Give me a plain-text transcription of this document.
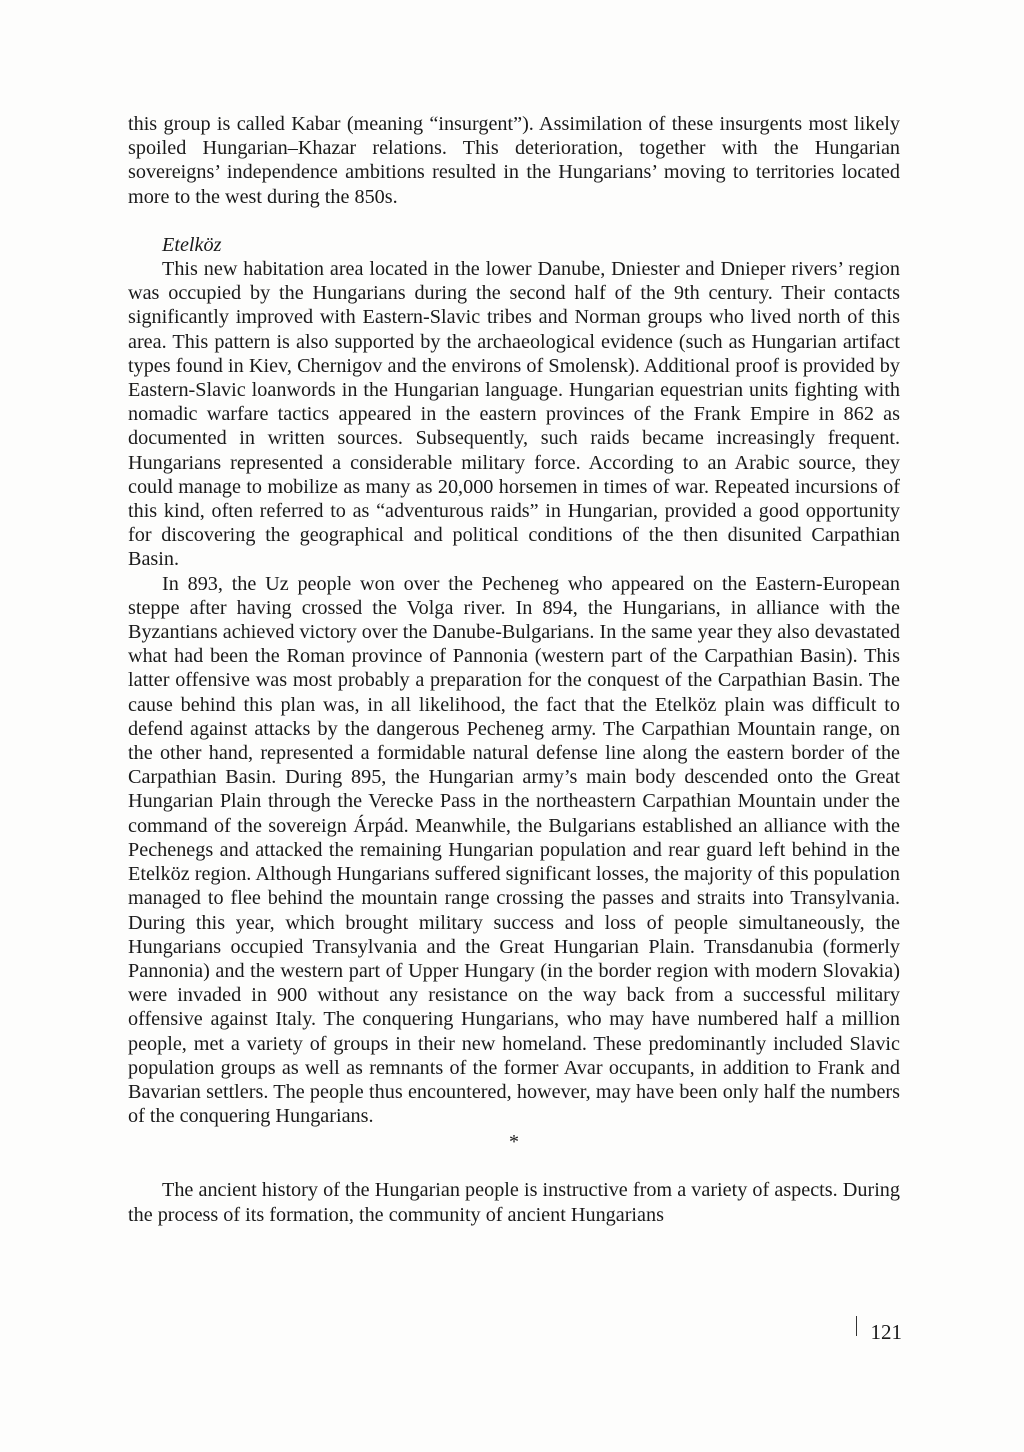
this group is called Kabar (meaning “insurgent”). Assimilation of these insurgents most likely spoiled Hungarian–Khazar relations. This deterioration, together with the Hungarian sovereigns’ independence ambitions resulted in the Hungarians’ moving to territories located more to the west during the 850s.

Etelköz

This new habitation area located in the lower Danube, Dniester and Dnieper rivers’ region was occupied by the Hungarians during the second half of the 9th century. Their contacts significantly improved with Eastern-Slavic tribes and Norman groups who lived north of this area. This pattern is also supported by the archaeological evidence (such as Hungarian artifact types found in Kiev, Chernigov and the environs of Smolensk). Additional proof is provided by Eastern-Slavic loanwords in the Hungarian language. Hungarian equestrian units fighting with nomadic warfare tactics appeared in the eastern provinces of the Frank Empire in 862 as documented in written sources. Subsequently, such raids became increasingly frequent. Hungarians represented a considerable military force. According to an Arabic source, they could manage to mobilize as many as 20,000 horsemen in times of war. Repeated incursions of this kind, often referred to as “adventurous raids” in Hungarian, provided a good opportunity for discovering the geographical and political conditions of the then disunited Carpathian Basin.

In 893, the Uz people won over the Pecheneg who appeared on the Eastern-European steppe after having crossed the Volga river. In 894, the Hungarians, in alliance with the Byzantians achieved victory over the Danube-Bulgarians. In the same year they also devastated what had been the Roman province of Pannonia (western part of the Carpathian Basin). This latter offensive was most probably a preparation for the conquest of the Carpathian Basin. The cause behind this plan was, in all likelihood, the fact that the Etelköz plain was difficult to defend against attacks by the dangerous Pecheneg army. The Carpathian Mountain range, on the other hand, represented a formidable natural defense line along the eastern border of the Carpathian Basin. During 895, the Hungarian army’s main body descended onto the Great Hungarian Plain through the Verecke Pass in the northeastern Carpathian Mountain under the command of the sovereign Árpád. Meanwhile, the Bulgarians established an alliance with the Pechenegs and attacked the remaining Hungarian population and rear guard left behind in the Etelköz region. Although Hungarians suffered significant losses, the majority of this population managed to flee behind the mountain range crossing the passes and straits into Transylvania. During this year, which brought military success and loss of people simultaneously, the Hungarians occupied Transylvania and the Great Hungarian Plain. Transdanubia (formerly Pannonia) and the western part of Upper Hungary (in the border region with modern Slovakia) were invaded in 900 without any resistance on the way back from a successful military offensive against Italy. The conquering Hungarians, who may have numbered half a million people, met a variety of groups in their new homeland. These predominantly included Slavic population groups as well as remnants of the former Avar occupants, in addition to Frank and Bavarian settlers. The people thus encountered, however, may have been only half the numbers of the conquering Hungarians.

*

The ancient history of the Hungarian people is instructive from a variety of aspects. During the process of its formation, the community of ancient Hungarians

121
